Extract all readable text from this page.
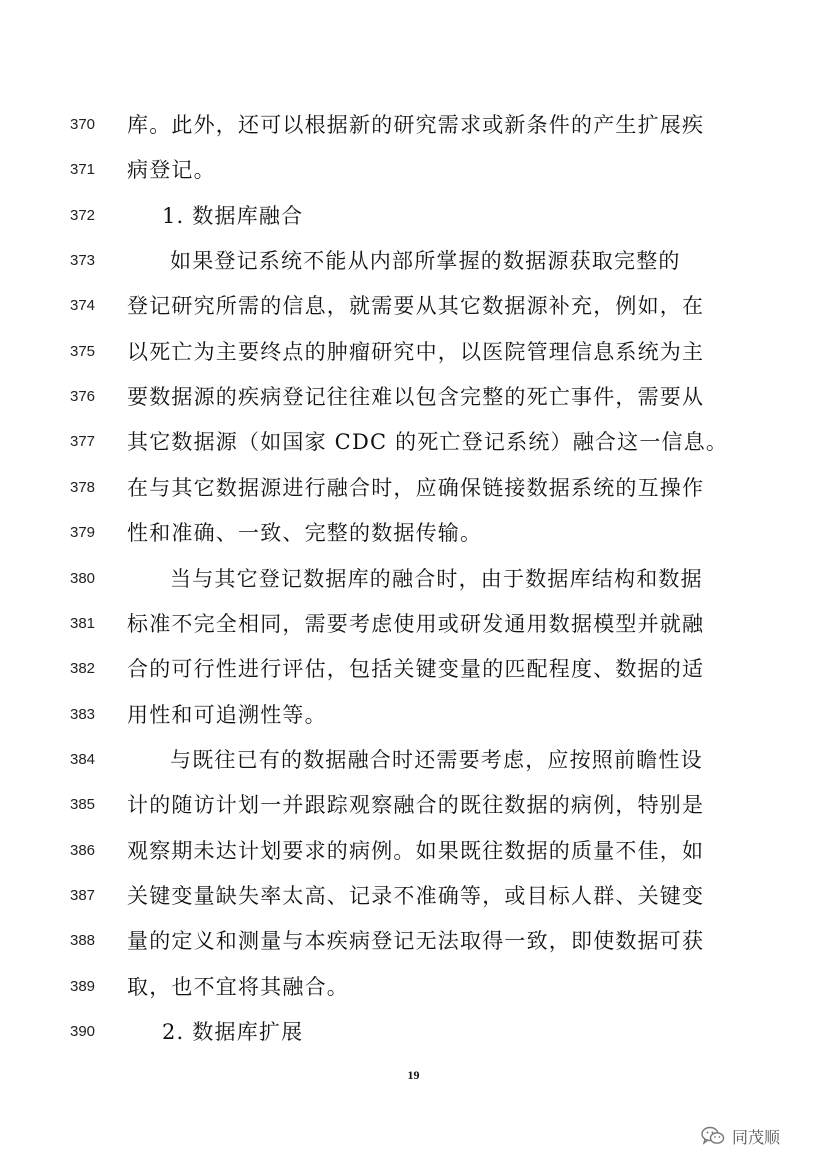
370	库。此外，还可以根据新的研究需求或新条件的产生扩展疾
371	病登记。
372	1. 数据库融合
373	如果登记系统不能从内部所掌握的数据源获取完整的
374	登记研究所需的信息，就需要从其它数据源补充，例如，在
375	以死亡为主要终点的肿瘤研究中，以医院管理信息系统为主
376	要数据源的疾病登记往往难以包含完整的死亡事件，需要从
377	其它数据源（如国家 CDC 的死亡登记系统）融合这一信息。
378	在与其它数据源进行融合时，应确保链接数据系统的互操作
379	性和准确、一致、完整的数据传输。
380	当与其它登记数据库的融合时，由于数据库结构和数据
381	标准不完全相同，需要考虑使用或研发通用数据模型并就融
382	合的可行性进行评估，包括关键变量的匹配程度、数据的适
383	用性和可追溯性等。
384	与既往已有的数据融合时还需要考虑，应按照前瞻性设
385	计的随访计划一并跟踪观察融合的既往数据的病例，特别是
386	观察期未达计划要求的病例。如果既往数据的质量不佳，如
387	关键变量缺失率太高、记录不准确等，或目标人群、关键变
388	量的定义和测量与本疾病登记无法取得一致，即使数据可获
389	取，也不宜将其融合。
390	2. 数据库扩展
19
同茂顺
